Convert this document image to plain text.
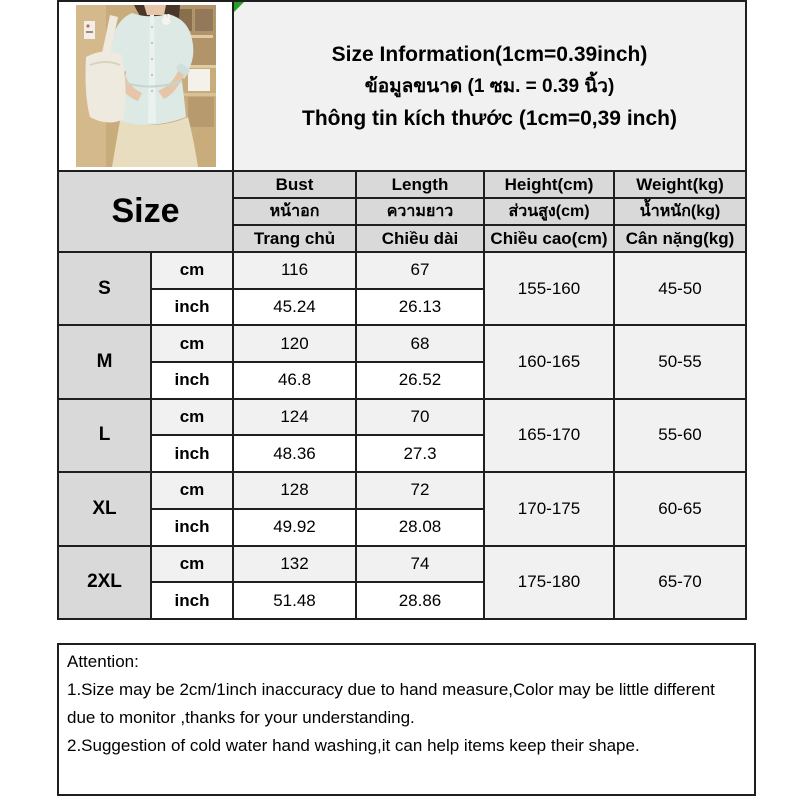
Size Information(1cm=0.39inch)
ข้อมูลขนาด (1 ซม. = 0.39 นิ้ว)
Thông tin kích thước (1cm=0,39 inch)			

Size		Bust	Length	Height(cm)	Weight(kg)
		หน้าอก	ความยาว	ส่วนสูง(cm)	น้ำหนัก(kg)
		Trang chủ	Chiều dài	Chiều cao(cm)	Cân nặng(kg)
S	cm	116	67	155-160	45-50
	inch	45.24	26.13		
M	cm	120	68	160-165	50-55
	inch	46.8	26.52		
L	cm	124	70	165-170	55-60
	inch	48.36	27.3		
XL	cm	128	72	170-175	60-65
	inch	49.92	28.08		
2XL	cm	132	74	175-180	65-70
	inch	51.48	28.86		
Attention:
1.Size may be 2cm/1inch inaccuracy due to hand measure,Color may be little different due to monitor ,thanks for your understanding.
2.Suggestion of cold water hand washing,it can help items keep their shape.
